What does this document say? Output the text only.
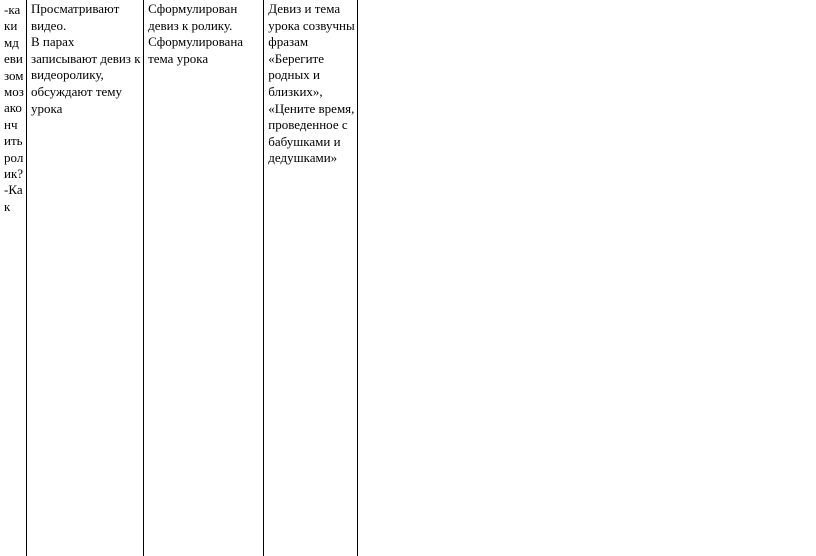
-какимдевизоммозаконч итьролик?-Как

Просматривают видео.
В парах записывают девиз к видеоролику, обсуждают тему урока

Сформулирован девиз к ролику.
Сформулирована тема урока

Девиз и тема урока созвучны фразам «Берегите родных и близких», «Цените время, проведенное с бабушками и дедушками»
